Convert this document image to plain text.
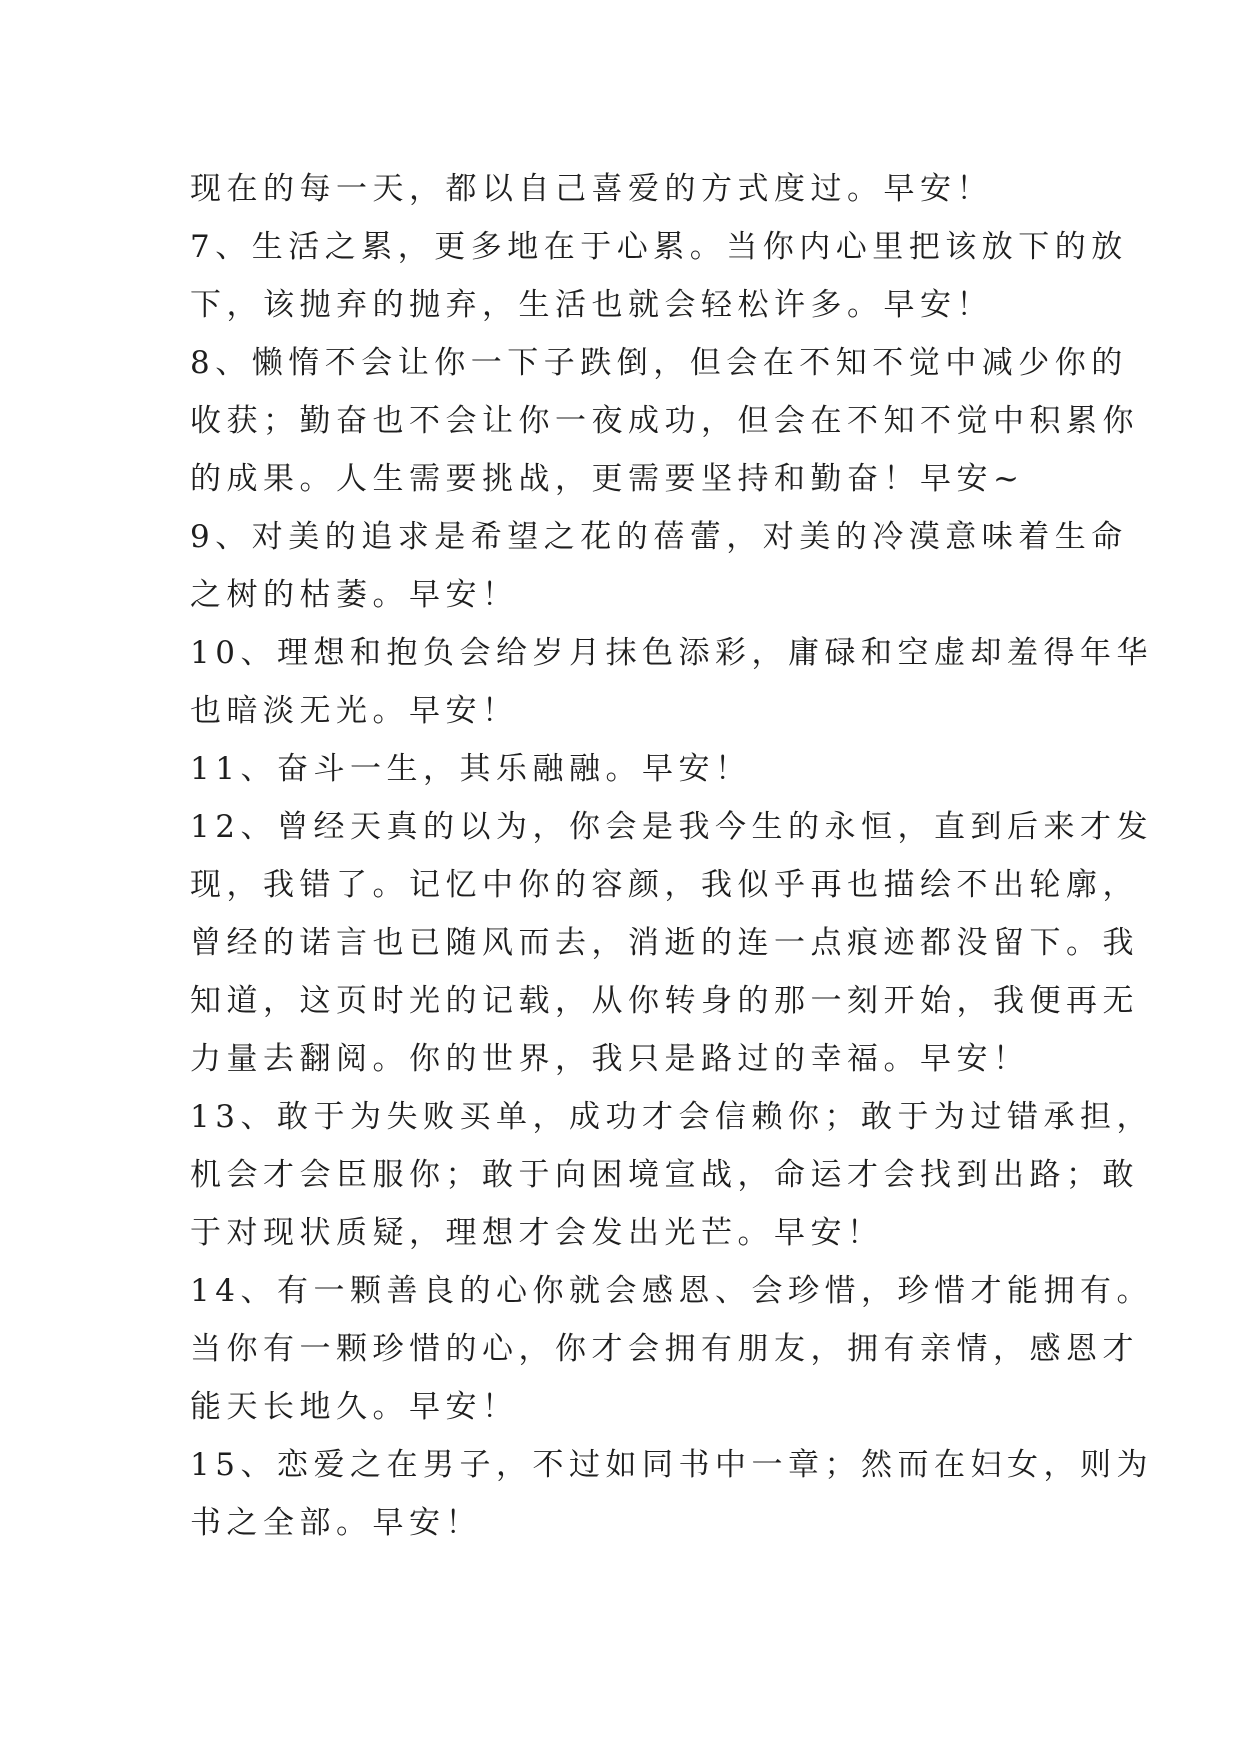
现在的每一天，都以自己喜爱的方式度过。早安！
7、生活之累，更多地在于心累。当你内心里把该放下的放
下，该抛弃的抛弃，生活也就会轻松许多。早安！
8、懒惰不会让你一下子跌倒，但会在不知不觉中减少你的
收获；勤奋也不会让你一夜成功，但会在不知不觉中积累你
的成果。人生需要挑战，更需要坚持和勤奋！早安~
9、对美的追求是希望之花的蓓蕾，对美的冷漠意味着生命
之树的枯萎。早安！
10、理想和抱负会给岁月抹色添彩，庸碌和空虚却羞得年华
也暗淡无光。早安！
11、奋斗一生，其乐融融。早安！
12、曾经天真的以为，你会是我今生的永恒，直到后来才发
现，我错了。记忆中你的容颜，我似乎再也描绘不出轮廓，
曾经的诺言也已随风而去，消逝的连一点痕迹都没留下。我
知道，这页时光的记载，从你转身的那一刻开始，我便再无
力量去翻阅。你的世界，我只是路过的幸福。早安！
13、敢于为失败买单，成功才会信赖你；敢于为过错承担，
机会才会臣服你；敢于向困境宣战，命运才会找到出路；敢
于对现状质疑，理想才会发出光芒。早安！
14、有一颗善良的心你就会感恩、会珍惜，珍惜才能拥有。
当你有一颗珍惜的心，你才会拥有朋友，拥有亲情，感恩才
能天长地久。早安！
15、恋爱之在男子，不过如同书中一章；然而在妇女，则为
书之全部。早安！
